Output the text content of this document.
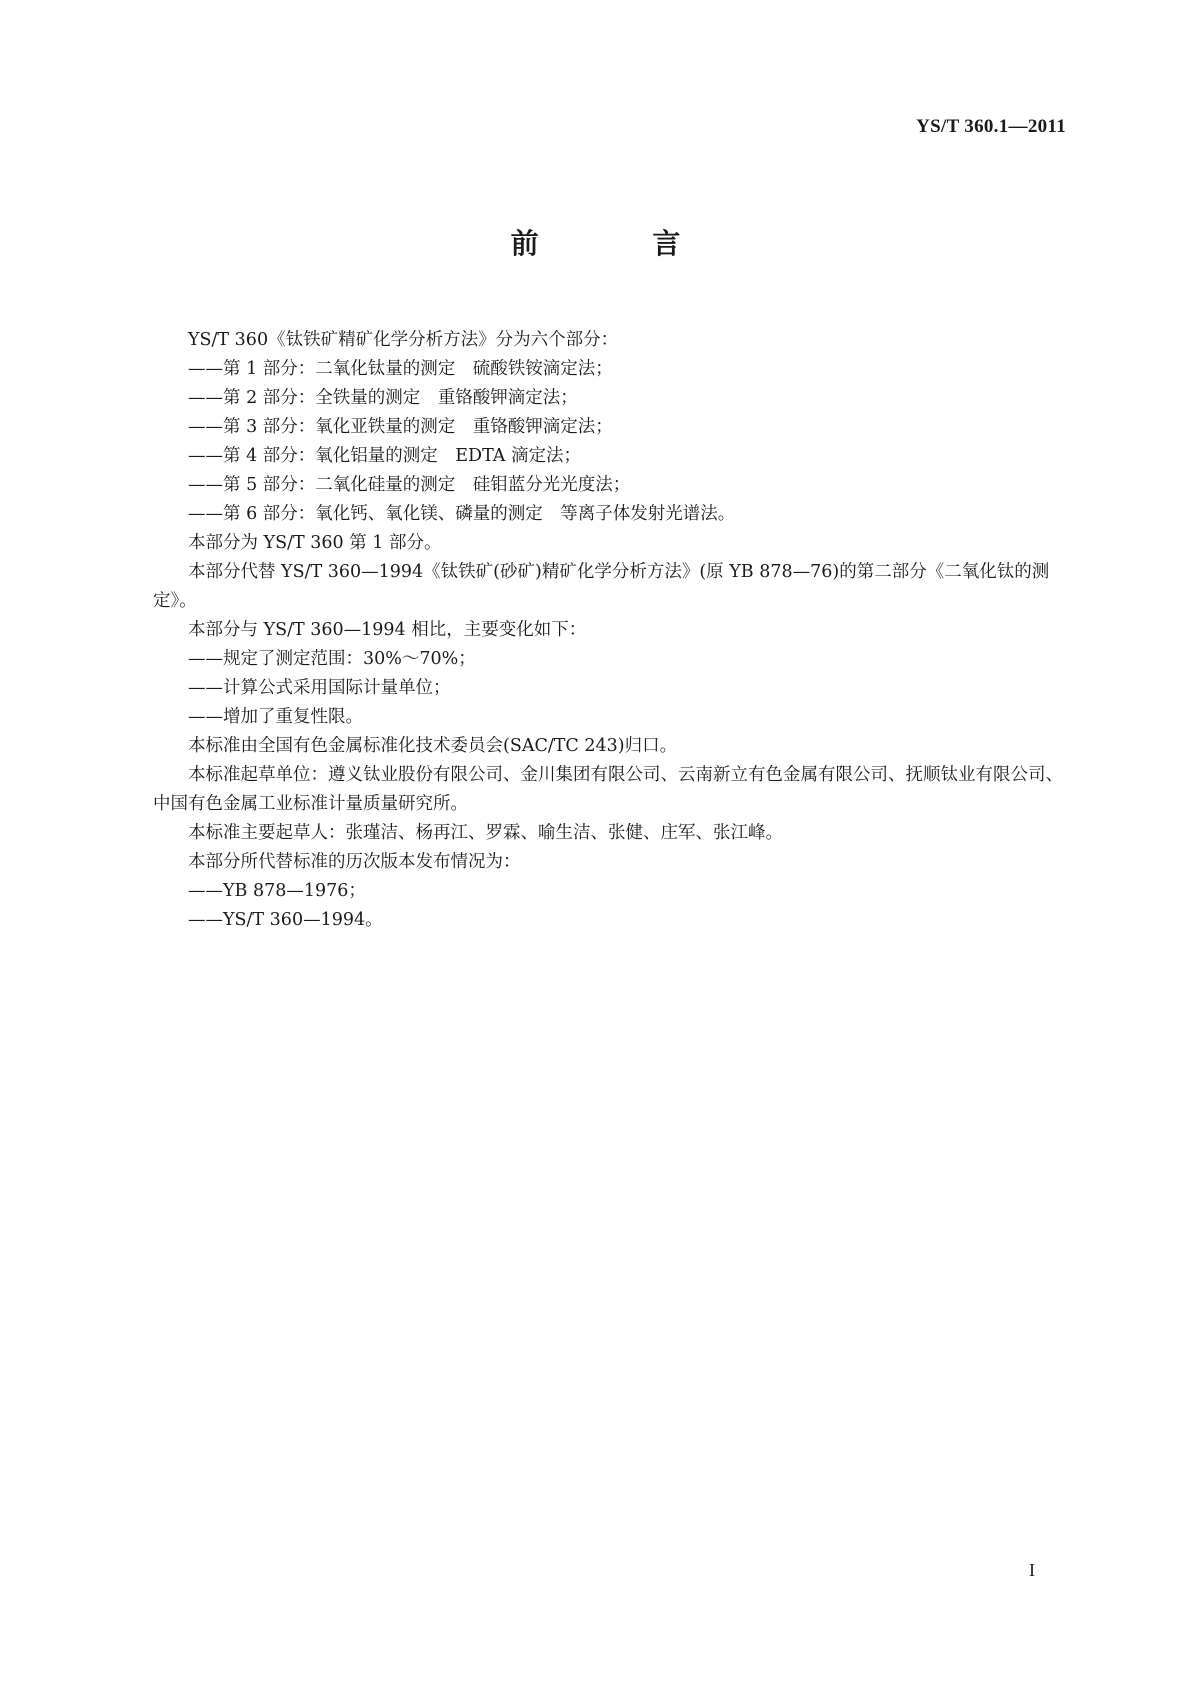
YS/T 360.1—2011
前 言

YS/T 360《钛铁矿精矿化学分析方法》分为六个部分：

——第 1 部分：二氧化钛量的测定　硫酸铁铵滴定法；

——第 2 部分：全铁量的测定　重铬酸钾滴定法；

——第 3 部分：氧化亚铁量的测定　重铬酸钾滴定法；

——第 4 部分：氧化铝量的测定　EDTA 滴定法；

——第 5 部分：二氧化硅量的测定　硅钼蓝分光光度法；

——第 6 部分：氧化钙、氧化镁、磷量的测定　等离子体发射光谱法。

本部分为 YS/T 360 第 1 部分。

本部分代替 YS/T 360—1994《钛铁矿(砂矿)精矿化学分析方法》(原 YB 878—76)的第二部分《二氧化钛的测定》。

本部分与 YS/T 360—1994 相比，主要变化如下：

——规定了测定范围：30%～70%；

——计算公式采用国际计量单位；

——增加了重复性限。

本标准由全国有色金属标准化技术委员会(SAC/TC 243)归口。

本标准起草单位：遵义钛业股份有限公司、金川集团有限公司、云南新立有色金属有限公司、抚顺钛业有限公司、中国有色金属工业标准计量质量研究所。

本标准主要起草人：张瑾洁、杨再江、罗霖、喻生洁、张健、庄军、张江峰。

本部分所代替标准的历次版本发布情况为：

——YB 878—1976；

——YS/T 360—1994。

I
